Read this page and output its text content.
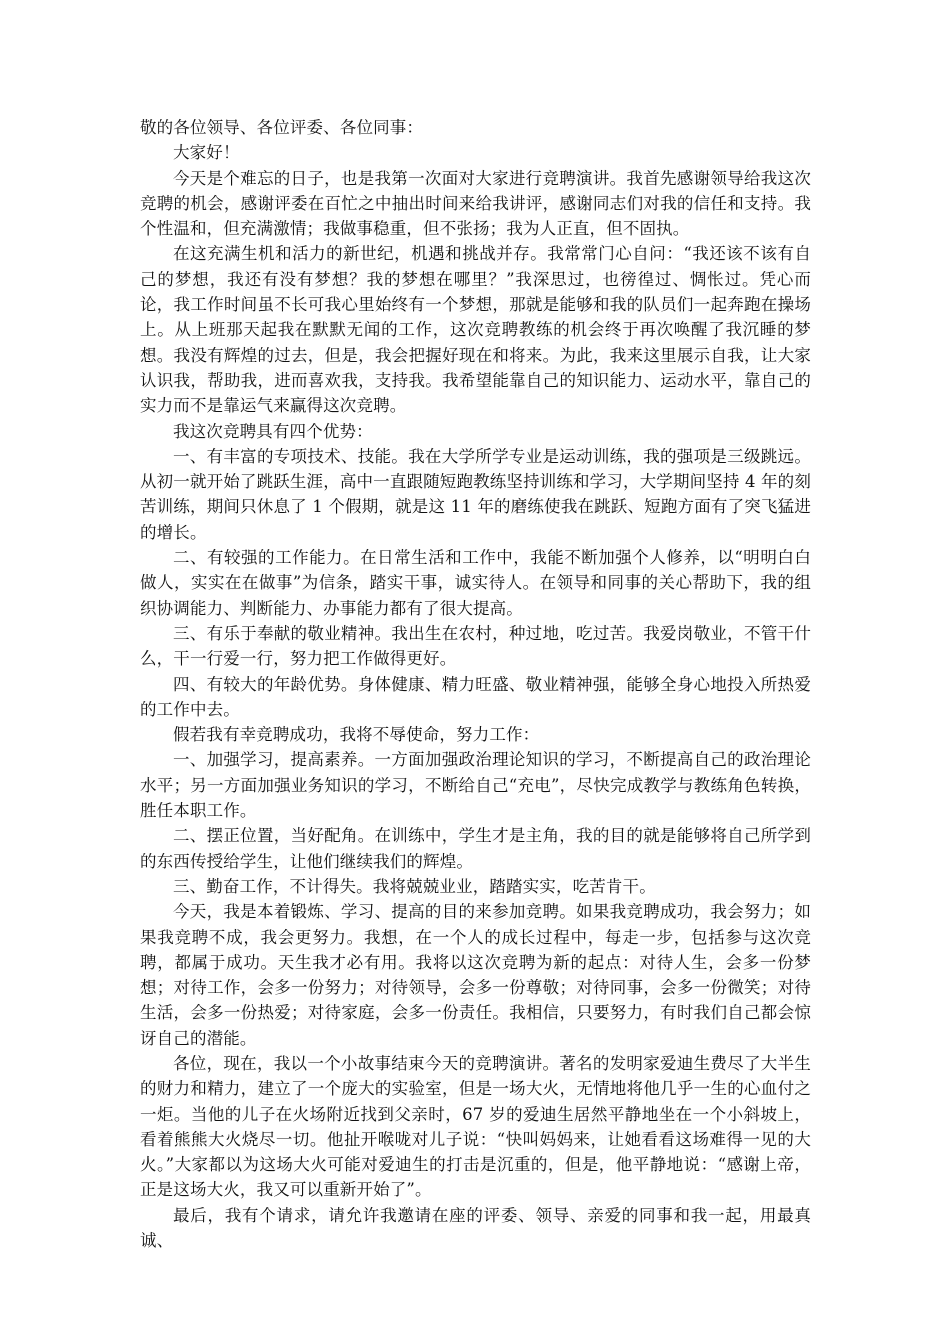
敬的各位领导、各位评委、各位同事：

大家好！

今天是个难忘的日子，也是我第一次面对大家进行竞聘演讲。我首先感谢领导给我这次竞聘的机会，感谢评委在百忙之中抽出时间来给我讲评，感谢同志们对我的信任和支持。我个性温和，但充满激情；我做事稳重，但不张扬；我为人正直，但不固执。

在这充满生机和活力的新世纪，机遇和挑战并存。我常常门心自问：“我还该不该有自己的梦想，我还有没有梦想？我的梦想在哪里？”我深思过，也徬徨过、惆怅过。凭心而论，我工作时间虽不长可我心里始终有一个梦想，那就是能够和我的队员们一起奔跑在操场上。从上班那天起我在默默无闻的工作，这次竞聘教练的机会终于再次唤醒了我沉睡的梦想。我没有辉煌的过去，但是，我会把握好现在和将来。为此，我来这里展示自我，让大家认识我，帮助我，进而喜欢我，支持我。我希望能靠自己的知识能力、运动水平，靠自己的实力而不是靠运气来赢得这次竞聘。

我这次竞聘具有四个优势：

一、有丰富的专项技术、技能。我在大学所学专业是运动训练，我的强项是三级跳远。从初一就开始了跳跃生涯，高中一直跟随短跑教练坚持训练和学习，大学期间坚持 4 年的刻苦训练，期间只休息了 1 个假期，就是这 11 年的磨练使我在跳跃、短跑方面有了突飞猛进的增长。

二、有较强的工作能力。在日常生活和工作中，我能不断加强个人修养，以“明明白白做人，实实在在做事”为信条，踏实干事，诚实待人。在领导和同事的关心帮助下，我的组织协调能力、判断能力、办事能力都有了很大提高。

三、有乐于奉献的敬业精神。我出生在农村，种过地，吃过苦。我爱岗敬业，不管干什么，干一行爱一行，努力把工作做得更好。

四、有较大的年龄优势。身体健康、精力旺盛、敬业精神强，能够全身心地投入所热爱的工作中去。

假若我有幸竞聘成功，我将不辱使命，努力工作：

一、加强学习，提高素养。一方面加强政治理论知识的学习，不断提高自己的政治理论水平；另一方面加强业务知识的学习，不断给自己“充电”，尽快完成教学与教练角色转换，胜任本职工作。

二、摆正位置，当好配角。在训练中，学生才是主角，我的目的就是能够将自己所学到的东西传授给学生，让他们继续我们的辉煌。

三、勤奋工作，不计得失。我将兢兢业业，踏踏实实，吃苦肯干。

今天，我是本着锻炼、学习、提高的目的来参加竞聘。如果我竞聘成功，我会努力；如果我竞聘不成，我会更努力。我想，在一个人的成长过程中，每走一步，包括参与这次竞聘，都属于成功。天生我才必有用。我将以这次竞聘为新的起点：对待人生，会多一份梦想；对待工作，会多一份努力；对待领导，会多一份尊敬；对待同事，会多一份微笑；对待生活，会多一份热爱；对待家庭，会多一份责任。我相信，只要努力，有时我们自己都会惊讶自己的潜能。

各位，现在，我以一个小故事结束今天的竞聘演讲。著名的发明家爱迪生费尽了大半生的财力和精力，建立了一个庞大的实验室，但是一场大火，无情地将他几乎一生的心血付之一炬。当他的儿子在火场附近找到父亲时，67 岁的爱迪生居然平静地坐在一个小斜坡上，看着熊熊大火烧尽一切。他扯开喉咙对儿子说：“快叫妈妈来，让她看看这场难得一见的大火。”大家都以为这场大火可能对爱迪生的打击是沉重的，但是，他平静地说：“感谢上帝，正是这场大火，我又可以重新开始了”。

最后，我有个请求，请允许我邀请在座的评委、领导、亲爱的同事和我一起，用最真诚、
